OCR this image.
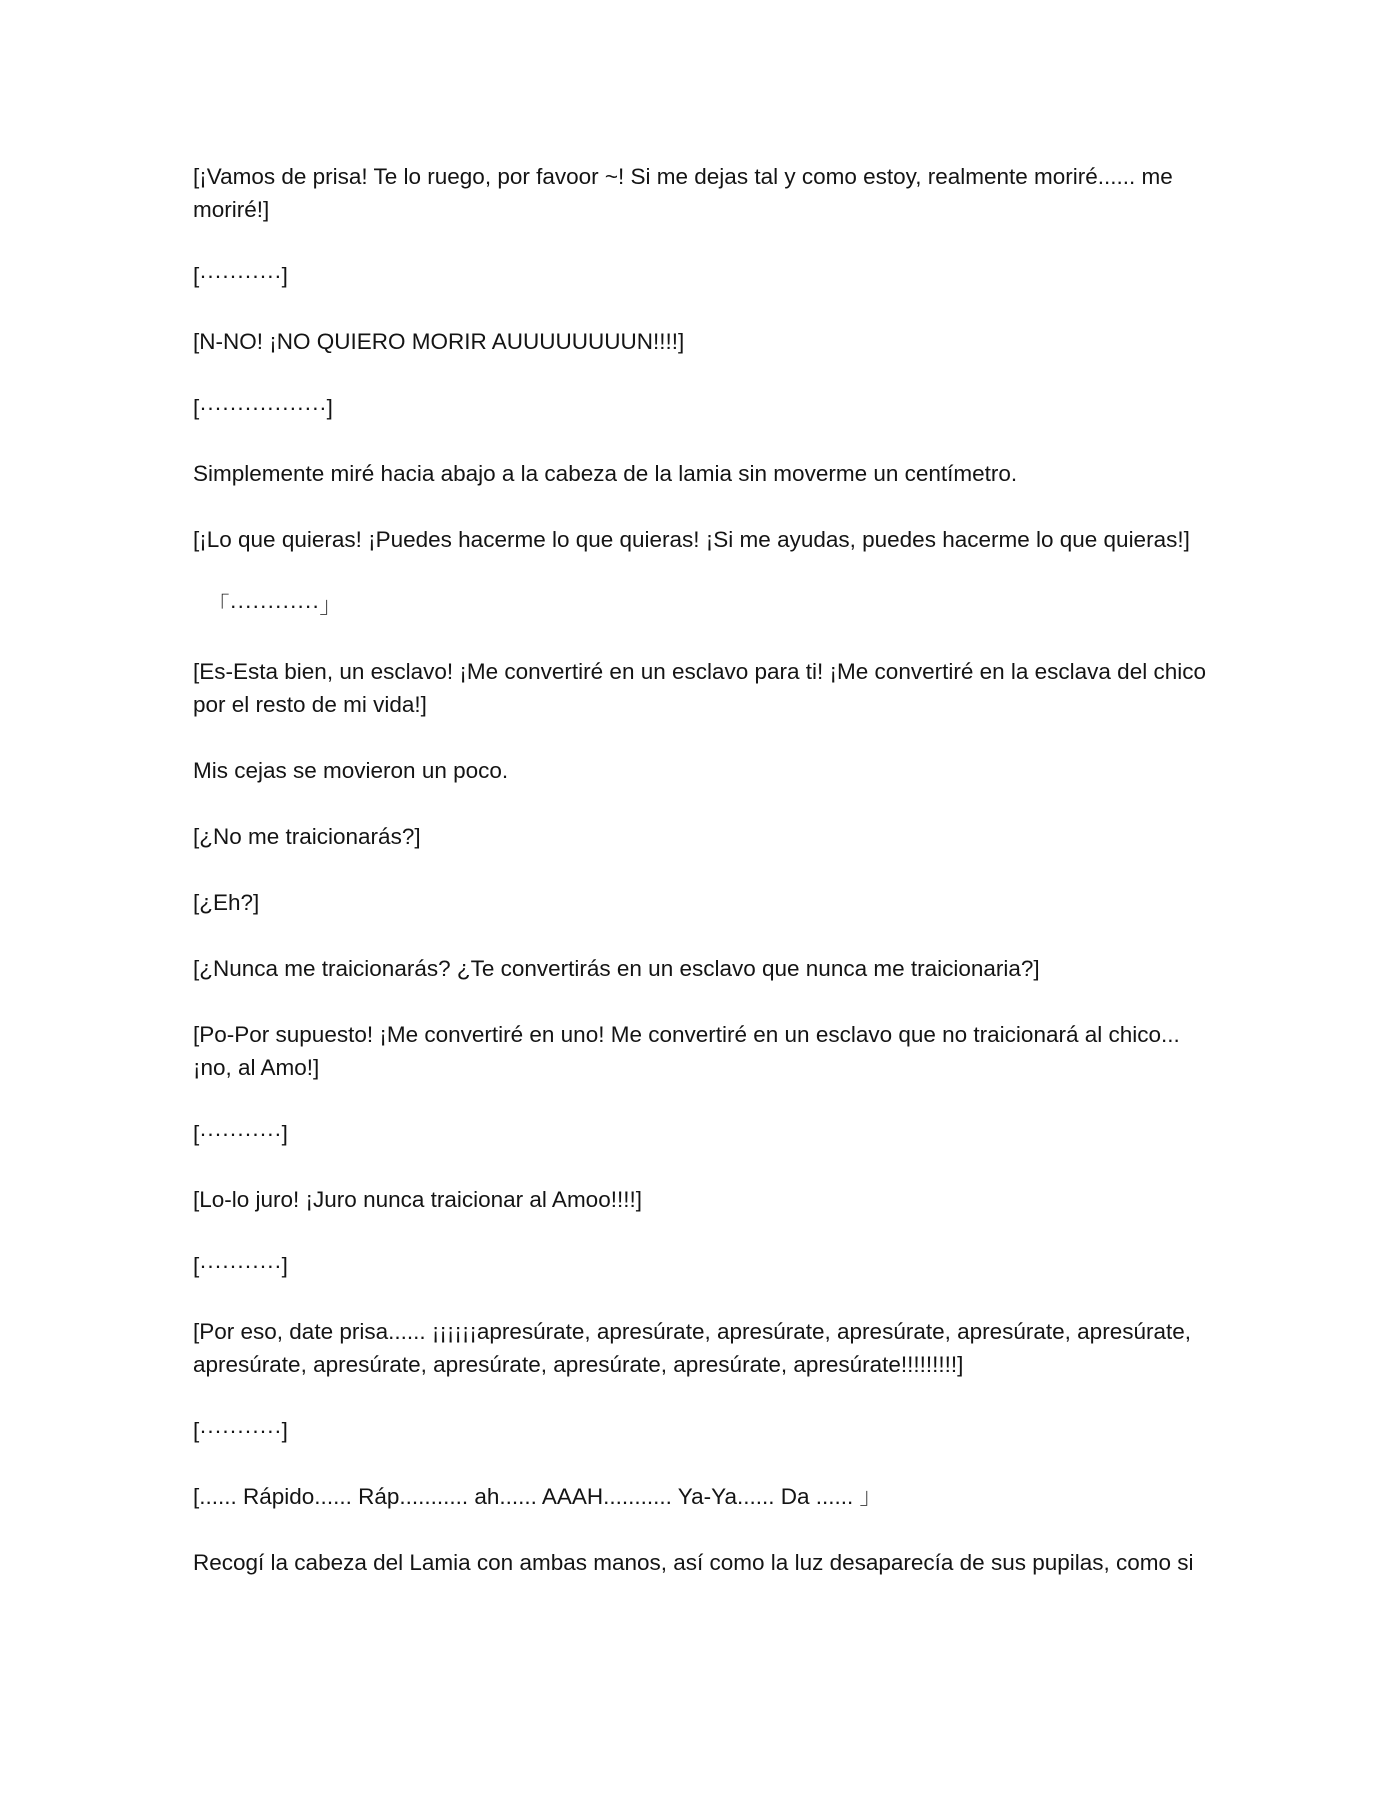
[¡Vamos de prisa! Te lo ruego, por favoor ~! Si me dejas tal y como estoy, realmente moriré...... me moriré!]

[···········]

[N-NO! ¡NO QUIERO MORIR AUUUUUUUUN!!!!]

[·················]

Simplemente miré hacia abajo a la cabeza de la lamia sin moverme un centímetro.

[¡Lo que quieras! ¡Puedes hacerme lo que quieras! ¡Si me ayudas, puedes hacerme lo que quieras!]

「············」

[Es-Esta bien, un esclavo! ¡Me convertiré en un esclavo para ti! ¡Me convertiré en la esclava del chico por el resto de mi vida!]

Mis cejas se movieron un poco.

[¿No me traicionarás?]

[¿Eh?]

[¿Nunca me traicionarás? ¿Te convertirás en un esclavo que nunca me traicionaria?]

[Po-Por supuesto! ¡Me convertiré en uno! Me convertiré en un esclavo que no traicionará al chico... ¡no, al Amo!]

[···········]

[Lo-lo juro! ¡Juro nunca traicionar al Amoo!!!!]

[···········]

[Por eso, date prisa...... ¡¡¡¡¡¡apresúrate, apresúrate, apresúrate, apresúrate, apresúrate, apresúrate, apresúrate, apresúrate, apresúrate, apresúrate, apresúrate, apresúrate!!!!!!!!!]

[···········]

[...... Rápido...... Ráp........... ah...... AAAH........... Ya-Ya...... Da ...... 」

Recogí la cabeza del Lamia con ambas manos, así como la luz desaparecía de sus pupilas, como si
